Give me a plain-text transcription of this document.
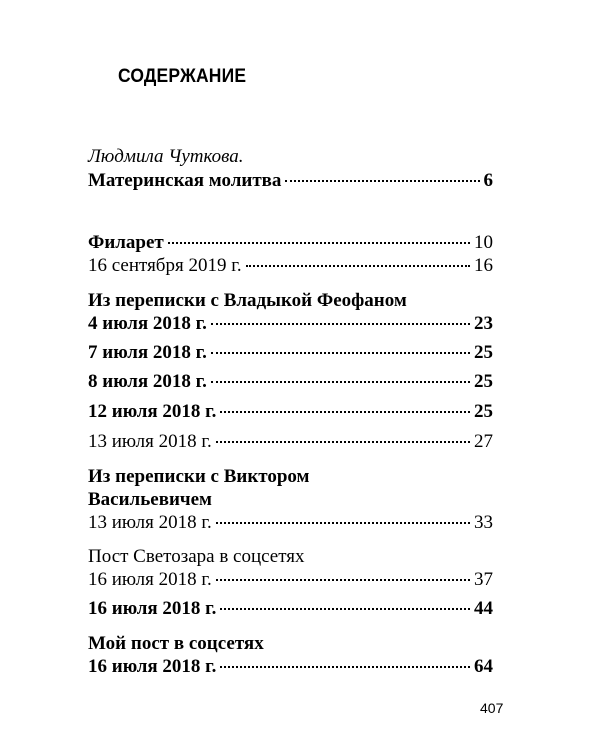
СОДЕРЖАНИЕ
Людмила Чуткова.
Материнская молитва	6
Филарет	10
16 сентября 2019 г.	16
Из переписки с Владыкой Феофаном
4 июля 2018 г.	23
7 июля 2018 г.	25
8 июля 2018 г.	25
12 июля 2018 г.	25
13 июля 2018 г.	27
Из переписки с Виктором
Васильевичем
13 июля 2018 г.	33
Пост Светозара в соцсетях
16 июля 2018 г.	37
16 июля 2018 г.	44
Мой пост в соцсетях
16 июля 2018 г.	64
407
